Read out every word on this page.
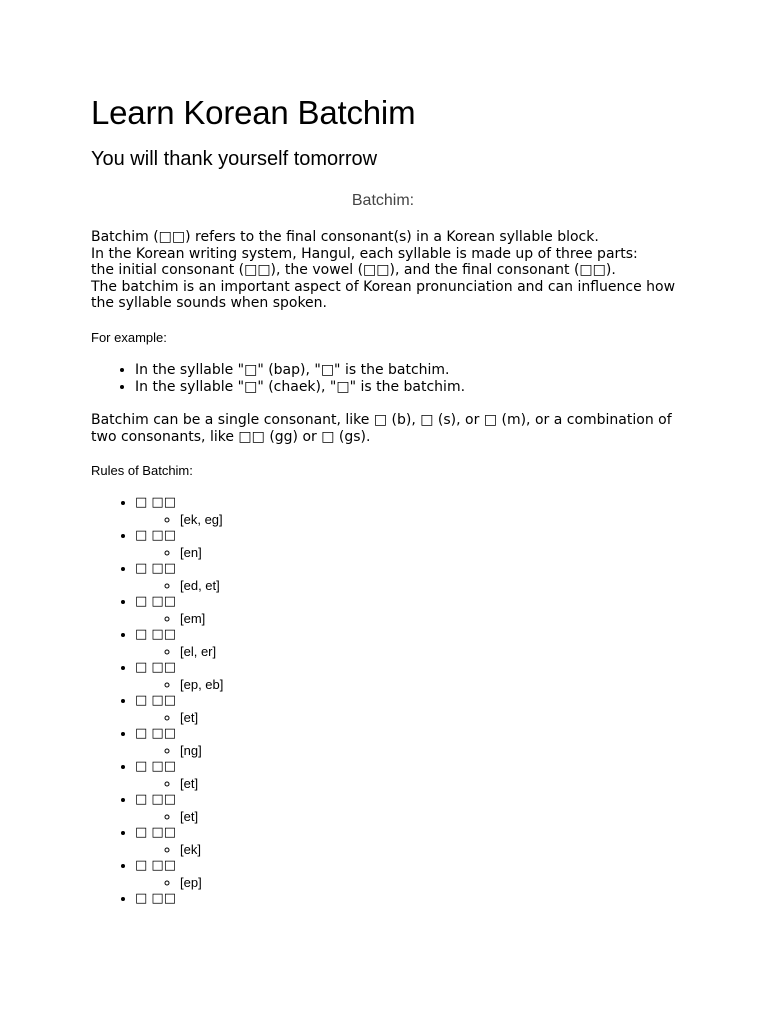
Learn Korean Batchim
You will thank yourself tomorrow
Batchim:

Batchim (□□) refers to the final consonant(s) in a Korean syllable block.
In the Korean writing system, Hangul, each syllable is made up of three parts:
the initial consonant (□□), the vowel (□□), and the final consonant (□□).
The batchim is an important aspect of Korean pronunciation and can influence how the syllable sounds when spoken.

For example:

• In the syllable "□" (bap), "□" is the batchim.
• In the syllable "□" (chaek), "□" is the batchim.

Batchim can be a single consonant, like □ (b), □ (s), or □ (m), or a combination of two consonants, like □□ (gg) or □ (gs).

Rules of Batchim:

• □ □□
◦ [ek, eg]
• □ □□
◦ [en]
• □ □□
◦ [ed, et]
• □ □□
◦ [em]
• □ □□
◦ [el, er]
• □ □□
◦ [ep, eb]
• □ □□
◦ [et]
• □ □□
◦ [ng]
• □ □□
◦ [et]
• □ □□
◦ [et]
• □ □□
◦ [ek]
• □ □□
◦ [ep]
• □ □□
